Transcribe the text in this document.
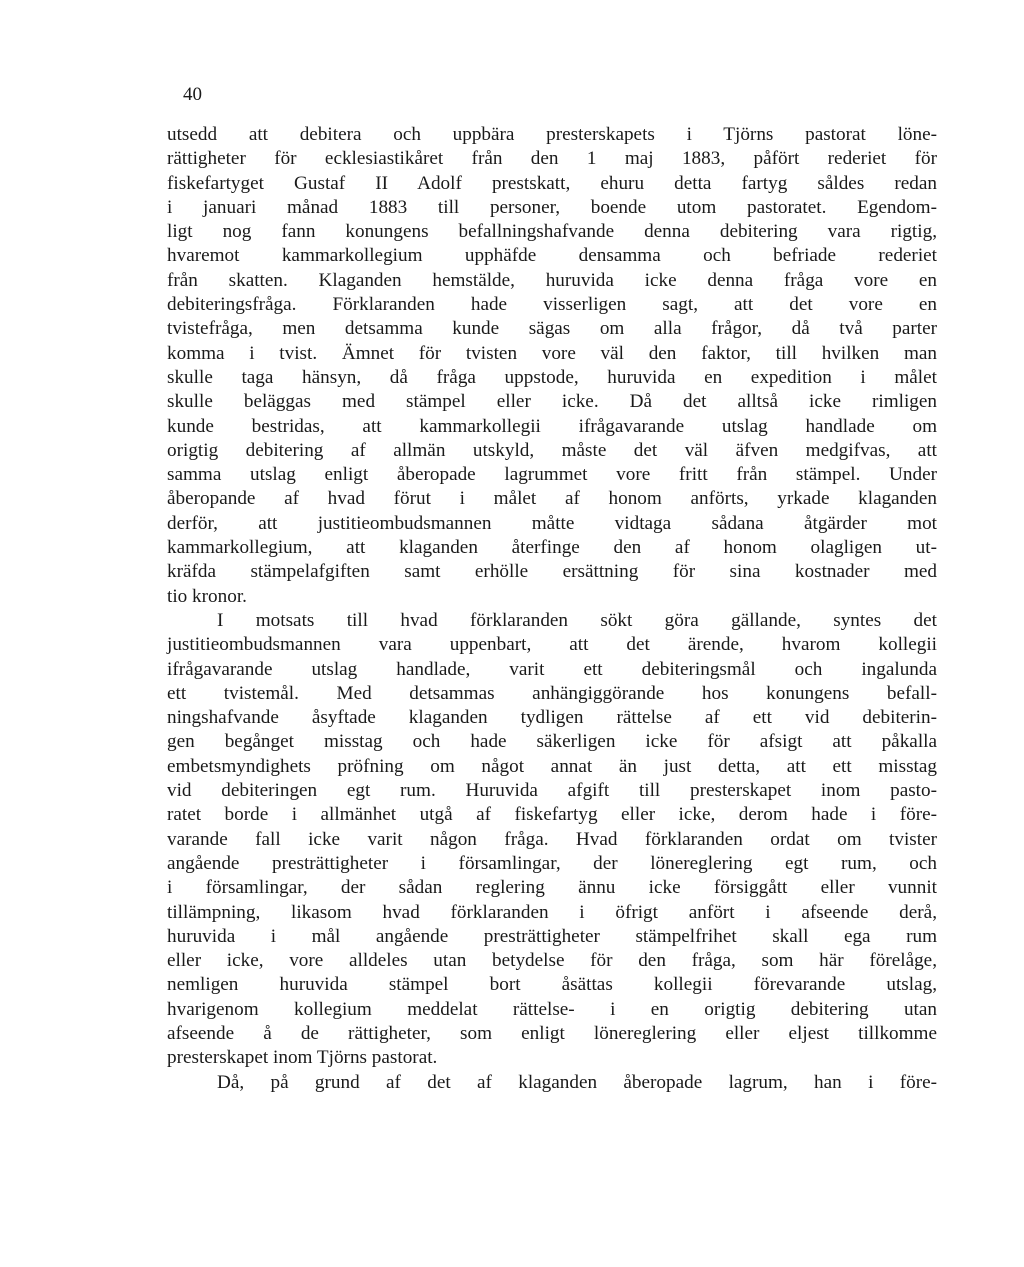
40
utsedd att debitera och uppbära presterskapets i Tjörns pastorat löne-
rättigheter för ecklesiastikåret från den 1 maj 1883, påfört rederiet för
fiskefartyget Gustaf II Adolf prestskatt, ehuru detta fartyg såldes redan
i januari månad 1883 till personer, boende utom pastoratet. Egendom-
ligt nog fann konungens befallningshafvande denna debitering vara rigtig,
hvaremot kammarkollegium upphäfde densamma och befriade rederiet
från skatten. Klaganden hemstälde, huruvida icke denna fråga vore en
debiteringsfråga. Förklaranden hade visserligen sagt, att det vore en
tvistefråga, men detsamma kunde sägas om alla frågor, då två parter
komma i tvist. Ämnet för tvisten vore väl den faktor, till hvilken man
skulle taga hänsyn, då fråga uppstode, huruvida en expedition i målet
skulle beläggas med stämpel eller icke. Då det alltså icke rimligen
kunde bestridas, att kammarkollegii ifrågavarande utslag handlade om
origtig debitering af allmän utskyld, måste det väl äfven medgifvas, att
samma utslag enligt åberopade lagrummet vore fritt från stämpel. Under
åberopande af hvad förut i målet af honom anförts, yrkade klaganden
derför, att justitieombudsmannen måtte vidtaga sådana åtgärder mot
kammarkollegium, att klaganden återfinge den af honom olagligen ut-
kräfda stämpelafgiften samt erhölle ersättning för sina kostnader med
tio kronor.
I motsats till hvad förklaranden sökt göra gällande, syntes det
justitieombudsmannen vara uppenbart, att det ärende, hvarom kollegii
ifrågavarande utslag handlade, varit ett debiteringsmål och ingalunda
ett tvistemål. Med detsammas anhängiggörande hos konungens befall-
ningshafvande åsyftade klaganden tydligen rättelse af ett vid debiterin-
gen begånget misstag och hade säkerligen icke för afsigt att påkalla
embetsmyndighets pröfning om något annat än just detta, att ett misstag
vid debiteringen egt rum. Huruvida afgift till presterskapet inom pasto-
ratet borde i allmänhet utgå af fiskefartyg eller icke, derom hade i före-
varande fall icke varit någon fråga. Hvad förklaranden ordat om tvister
angående presträttigheter i församlingar, der lönereglering egt rum, och
i församlingar, der sådan reglering ännu icke försiggått eller vunnit
tillämpning, likasom hvad förklaranden i öfrigt anfört i afseende derå,
huruvida i mål angående presträttigheter stämpelfrihet skall ega rum
eller icke, vore alldeles utan betydelse för den fråga, som här förelåge,
nemligen huruvida stämpel bort åsättas kollegii förevarande utslag,
hvarigenom kollegium meddelat rättelse- i en origtig debitering utan
afseende å de rättigheter, som enligt lönereglering eller eljest tillkomme
presterskapet inom Tjörns pastorat.
Då, på grund af det af klaganden åberopade lagrum, han i före-
